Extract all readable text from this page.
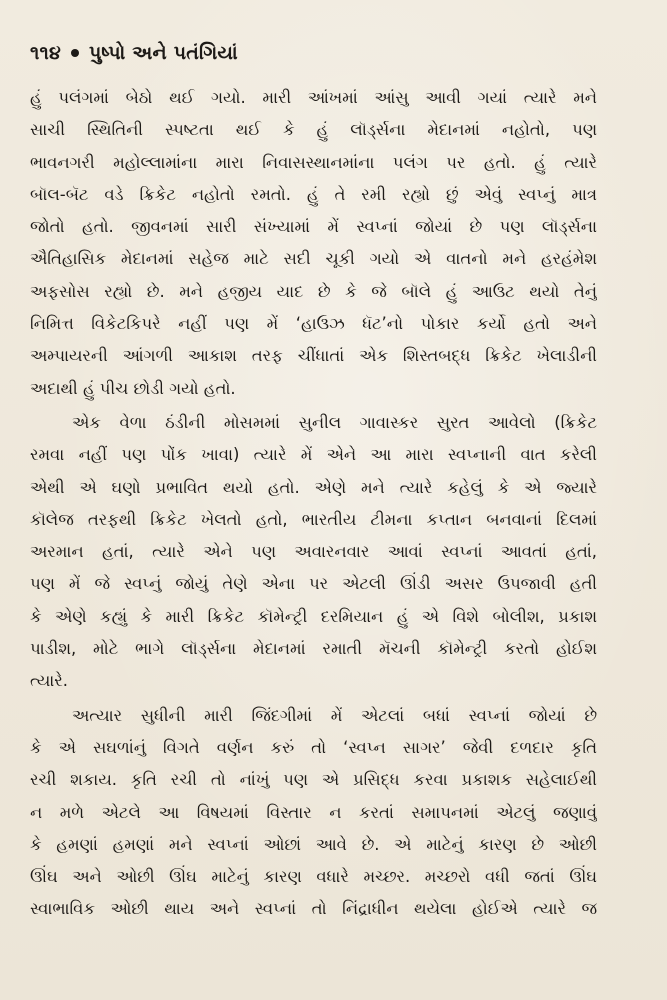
૧૧૪ પુષ્પો અને પતંગિયાં
હું પલંગમાં બેઠો થઈ ગયો. મારી આંખમાં આંસુ આવી ગયાં ત્યારે મને
સાચી સ્થિતિની સ્પષ્ટતા થઈ કે હું લૉર્ડ્સના મેદાનમાં નહોતો, પણ
ભાવનગરી મહોલ્લામાંના મારા નિવાસસ્થાનમાંના પલંગ પર હતો. હું ત્યારે
બૉલ-બૅટ વડે ક્રિકેટ નહોતો રમતો. હું તે રમી રહ્યો છું એવું સ્વપ્નું માત્ર
જોતો હતો. જીવનમાં સારી સંખ્યામાં મેં સ્વપ્નાં જોયાં છે પણ લૉર્ડ્સના
ઐતિહાસિક મેદાનમાં સહેજ માટે સદી ચૂકી ગયો એ વાતનો મને હરહંમેશ
અફસોસ રહ્યો છે. મને હજીય યાદ છે કે જે બૉલે હું આઉટ થયો તેનું
નિમિત્ત વિકેટકિપરે નહીં પણ મેં ‘હાઉઝ ધૅટ’નો પોકાર કર્યો હતો અને
અમ્પાયરની આંગળી આકાશ તરફ ચીંધાતાં એક શિસ્તબદ્ધ ક્રિકેટ ખેલાડીની
અદાથી હું પીચ છોડી ગયો હતો.
એક વેળા ઠંડીની મોસમમાં સુનીલ ગાવાસ્કર સુરત આવેલો (ક્રિકેટ
રમવા નહીં પણ પોંક ખાવા) ત્યારે મેં એને આ મારા સ્વપ્નાની વાત કરેલી
એથી એ ઘણો પ્રભાવિત થયો હતો. એણે મને ત્યારે કહેલું કે એ જ્યારે
કૉલેજ તરફથી ક્રિકેટ ખેલતો હતો, ભારતીય ટીમના કપ્તાન બનવાનાં દિલમાં
અરમાન હતાં, ત્યારે એને પણ અવારનવાર આવાં સ્વપ્નાં આવતાં હતાં,
પણ મેં જે સ્વપ્નું જોયું તેણે એના પર એટલી ઊંડી અસર ઉપજાવી હતી
કે એણે કહ્યું કે મારી ક્રિકેટ કૉમેન્ટ્રી દરમિયાન હું એ વિશે બોલીશ, પ્રકાશ
પાડીશ, મોટે ભાગે લૉર્ડ્સના મેદાનમાં રમાતી મૅચની કૉમેન્ટ્રી કરતો હોઈશ
ત્યારે.
અત્યાર સુધીની મારી જિંદગીમાં મેં એટલાં બધાં સ્વપ્નાં જોયાં છે
કે એ સઘળાંનું વિગતે વર્ણન કરું તો ‘સ્વપ્ન સાગર’ જેવી દળદાર કૃતિ
રચી શકાય. કૃતિ રચી તો નાંખું પણ એ પ્રસિદ્ધ કરવા પ્રકાશક સહેલાઈથી
ન મળે એટલે આ વિષયમાં વિસ્તાર ન કરતાં સમાપનમાં એટલું જણાવું
કે હમણાં હમણાં મને સ્વપ્નાં ઓછાં આવે છે. એ માટેનું કારણ છે ઓછી
ઊંઘ અને ઓછી ઊંઘ માટેનું કારણ વધારે મચ્છર. મચ્છરો વધી જતાં ઊંઘ
સ્વાભાવિક ઓછી થાય અને સ્વપ્નાં તો નિંદ્રાધીન થયેલા હોઈએ ત્યારે જ
